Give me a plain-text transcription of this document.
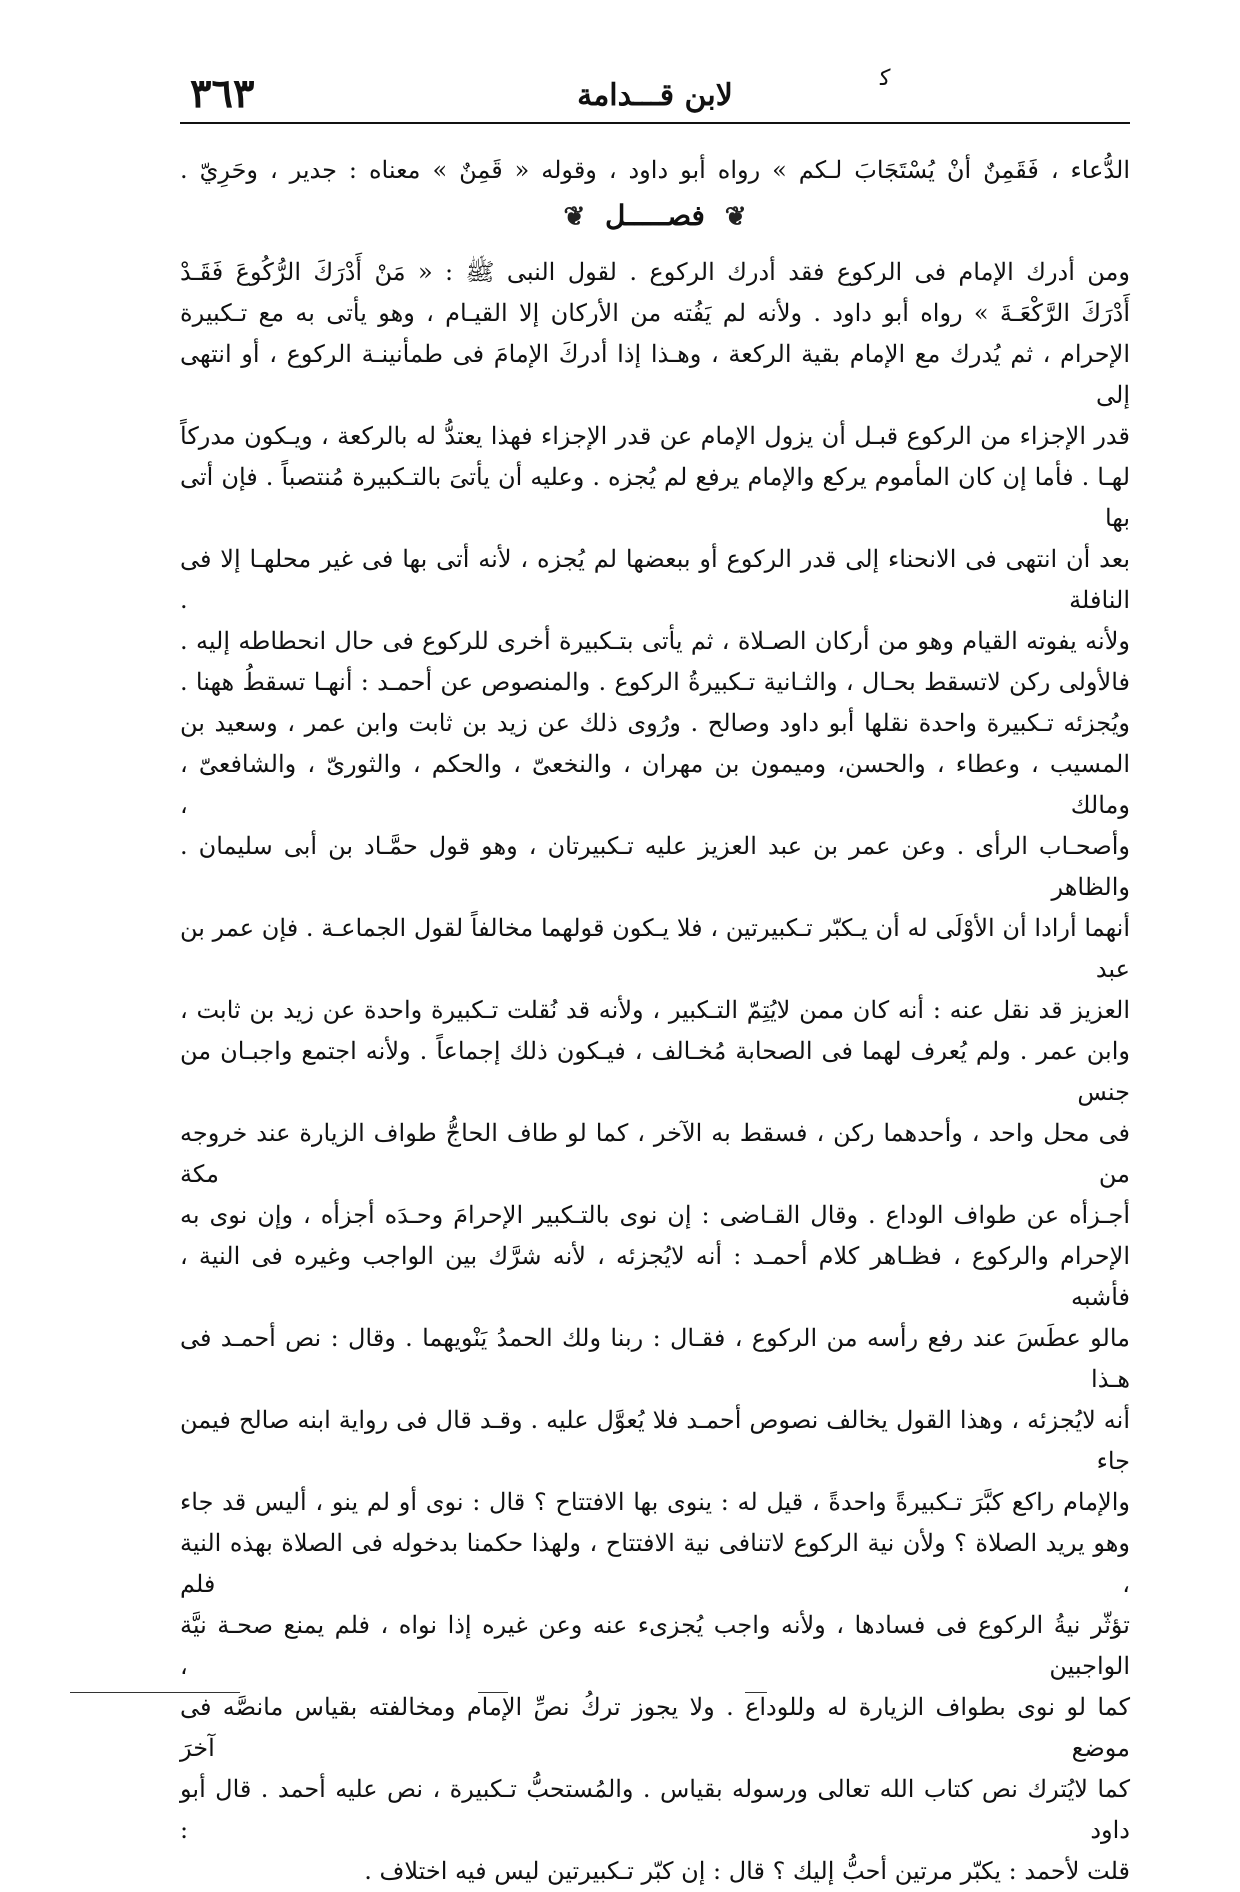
٣٦٣	ﻛ
لابن قـــدامة

الدُّعاء ، فَقَمِنٌ أنْ يُسْتَجَابَ لـكم » رواه أبو داود ، وقوله « قَمِنٌ » معناه : جدير ، وحَرِيّ .

❦ فصـــــل ❦

ومن أدرك الإمام فى الركوع فقد أدرك الركوع . لقول النبى ﷺ : « مَنْ أَدْرَكَ الرُّكُوعَ فَقَـدْ

أَدْرَكَ الرَّكْعَـةَ » رواه أبو داود . ولأنه لم يَفُته من الأركان إلا القيـام ، وهو يأتى به مع تـكبيرة

الإحرام ، ثم يُدرك مع الإمام بقية الركعة ، وهـذا إذا أدركَ الإمامَ فى طمأنينـة الركوع ، أو انتهى إلى

قدر الإجزاء من الركوع قبـل أن يزول الإمام عن قدر الإجزاء فهذا يعتدُّ له بالركعة ، ويـكون مدركاً

لهـا . فأما إن كان المأموم يركع والإمام يرفع لم يُجزه . وعليه أن يأتىَ بالتـكبيرة مُنتصباً . فإن أتى بها

بعد أن انتهى فى الانحناء إلى قدر الركوع أو ببعضها لم يُجزه ، لأنه أتى بها فى غير محلهـا إلا فى النافلة .

ولأنه يفوته القيام وهو من أركان الصـلاة ، ثم يأتى بتـكبيرة أخرى للركوع فى حال انحطاطه إليه .

فالأولى ركن لاتسقط بحـال ، والثـانية تـكبيرةُ الركوع . والمنصوص عن أحمـد : أنهـا تسقطُ ههنا .

ويُجزئه تـكبيرة واحدة نقلها أبو داود وصالح . ورُوى ذلك عن زيد بن ثابت وابن عمر ، وسعيد بن

المسيب ، وعطاء ، والحسن، وميمون بن مهران ، والنخعىّ ، والحكم ، والثورىّ ، والشافعىّ ، ومالك ،

وأصحـاب الرأى . وعن عمر بن عبد العزيز عليه تـكبيرتان ، وهو قول حمَّـاد بن أبى سليمان . والظاهر

أنهما أرادا أن الأوْلَى له أن يـكبّر تـكبيرتين ، فلا يـكون قولهما مخالفاً لقول الجماعـة . فإن عمر بن عبد

العزيز قد نقل عنه : أنه كان ممن لايُتِمّ التـكبير ، ولأنه قد نُقلت تـكبيرة واحدة عن زيد بن ثابت ،

وابن عمر . ولم يُعرف لهما فى الصحابة مُخـالف ، فيـكون ذلك إجماعاً . ولأنه اجتمع واجبـان من جنس

فى محل واحد ، وأحدهما ركن ، فسقط به الآخر ، كما لو طاف الحاجُّ طواف الزيارة عند خروجه من مكة

أجـزأه عن طواف الوداع . وقال القـاضى : إن نوى بالتـكبير الإحرامَ وحـدَه أجزأه ، وإن نوى به

الإحرام والركوع ، فظـاهر كلام أحمـد : أنه لايُجزئه ، لأنه شرَّك بين الواجب وغيره فى النية ، فأشبه

مالو عطَسَ عند رفع رأسه من الركوع ، فقـال : ربنا ولك الحمدُ يَنْويهما . وقال : نص أحمـد فى هـذا

أنه لايُجزئه ، وهذا القول يخالف نصوص أحمـد فلا يُعوَّل عليه . وقـد قال فى رواية ابنه صالح فيمن جاء

والإمام راكع كبَّرَ تـكبيرةً واحدةً ، قيل له : ينوى بها الافتتاح ؟ قال : نوى أو لم ينو ، أليس قد جاء

وهو يريد الصلاة ؟ ولأن نية الركوع لاتنافى نية الافتتاح ، ولهذا حكمنا بدخوله فى الصلاة بهذه النية ، فلم

تؤثّر نيةُ الركوع فى فسادها ، ولأنه واجب يُجزىء عنه وعن غيره إذا نواه ، فلم يمنع صحـة نيَّة الواجبين ،

كما لو نوى بطواف الزيارة له وللوداع . ولا يجوز تركُ نصِّ الإمام ومخالفته بقياس مانصَّه فى موضع آخرَ

كما لايُترك نص كتاب الله تعالى ورسوله بقياس . والمُستحبُّ تـكبيرة ، نص عليه أحمد . قال أبو داود :

قلت لأحمد : يكبّر مرتين أحبُّ إليك ؟ قال : إن كبّر تـكبيرتين ليس فيه اختلاف .
